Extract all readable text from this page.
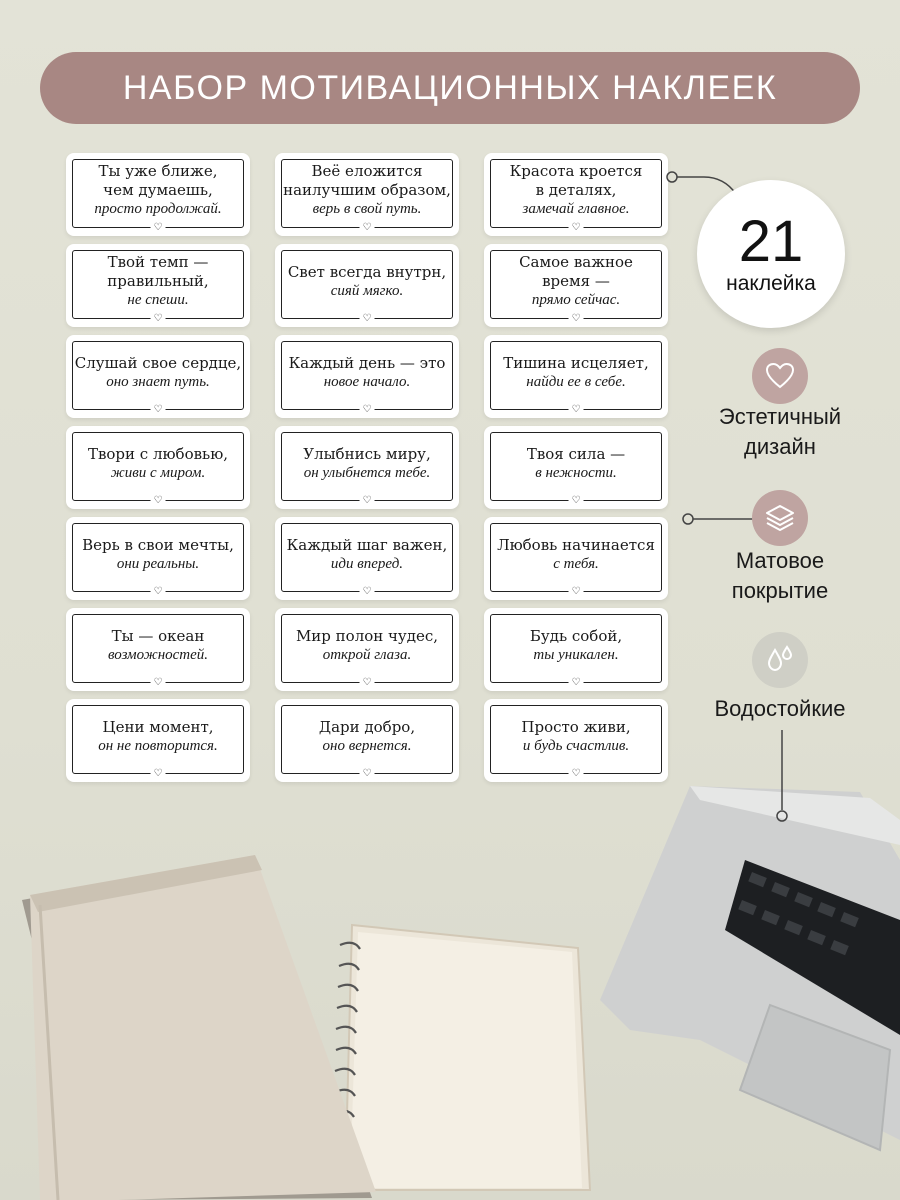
НАБОР МОТИВАЦИОННЫХ НАКЛЕЕК
Ты уже ближе,
чем думаешь,
просто продолжай.
♡
Веё еложится
наилучшим образом,
верь в свой путь.
♡
Красота кроется
в деталях,
замечай главное.
♡
Твой темп —
правильный,
не спеши.
♡
Свет всегда внутрн,
сияй мягко.
♡
Самое важное
время —
прямо сейчас.
♡
Слушай свое сердце,
оно знает путь.
♡
Каждый день — это
новое начало.
♡
Тишина исцеляет,
найди ее в себе.
♡
Твори с любовью,
живи с миром.
♡
Улыбнись миру,
он улыбнется тебе.
♡
Твоя сила —
в нежности.
♡
Верь в свои мечты,
они реальны.
♡
Каждый шаг важен,
иди вперед.
♡
Любовь начинается
с тебя.
♡
Ты — океан
возможностей.
♡
Мир полон чудес,
открой глаза.
♡
Будь собой,
ты уникален.
♡
Цени момент,
он не повторится.
♡
Дари добро,
оно вернется.
♡
Просто живи,
и будь счастлив.
♡
21
наклейка
Эстетичный
дизайн
Матовое
покрытие
Водостойкие
